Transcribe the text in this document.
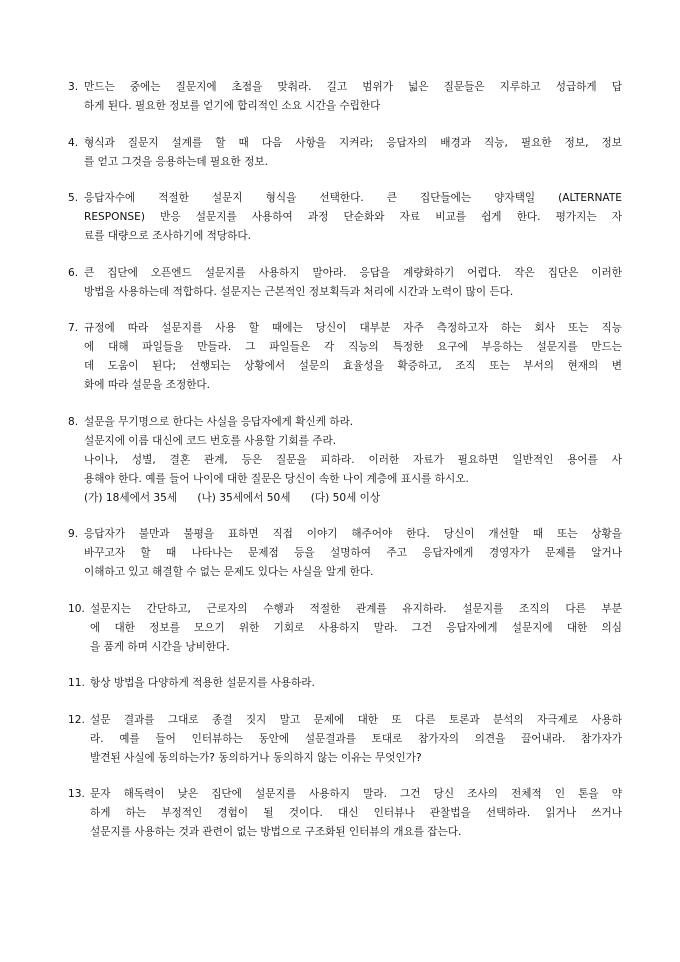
3. 만드는 중에는 질문지에 초점을 맞춰라. 길고 범위가 넓은 질문들은 지루하고 성급하게 답
하게 된다. 필요한 정보를 얻기에 합리적인 소요 시간을 수립한다
4. 형식과 질문지 설계를 할 때 다음 사항을 지켜라; 응답자의 배경과 직능, 필요한 정보, 정보
를 얻고 그것을 응용하는데 필요한 정보.
5. 응답자수에 적절한 설문지 형식을 선택한다. 큰 집단들에는 양자택일 (ALTERNATE
RESPONSE) 반응 설문지를 사용하여 과정 단순화와 자료 비교를 쉽게 한다. 평가지는 자
료를 대량으로 조사하기에 적당하다.
6. 큰 집단에 오픈엔드 설문지를 사용하지 말아라. 응답을 계량화하기 어렵다. 작은 집단은 이러한
방법을 사용하는데 적합하다. 설문지는 근본적인 정보획득과 처리에 시간과 노력이 많이 든다.
7. 규정에 따라 설문지를 사용 할 때에는 당신이 대부분 자주 측정하고자 하는 회사 또는 직능
에 대해 파일들을 만들라. 그 파일들은 각 직능의 특정한 요구에 부응하는 설문지를 만드는
데 도움이 된다; 선행되는 상황에서 설문의 효율성을 확증하고, 조직 또는 부서의 현재의 변
화에 따라 설문을 조정한다.
8. 설문을 무기명으로 한다는 사실을 응답자에게 확신케 하라.
설문지에 이름 대신에 코드 번호를 사용할 기회를 주라.
나이나, 성별, 결혼 관계, 등은 질문을 피하라. 이러한 자료가 필요하면 일반적인 용어를 사
용해야 한다. 예를 들어 나이에 대한 질문은 당신이 속한 나이 계층에 표시를 하시오.
(가) 18세에서 35세 (나) 35세에서 50세 (다) 50세 이상
9. 응답자가 불만과 불평을 표하면 직접 이야기 해주어야 한다. 당신이 개선할 때 또는 상황을
바꾸고자 할 때 나타나는 문제점 등을 설명하여 주고 응답자에게 경영자가 문제를 알거나
이해하고 있고 해결할 수 없는 문제도 있다는 사실을 알게 한다.
10. 설문지는 간단하고, 근로자의 수행과 적절한 관계를 유지하라. 설문지를 조직의 다른 부분
에 대한 정보를 모으기 위한 기회로 사용하지 말라. 그건 응답자에게 설문지에 대한 의심
을 품게 하며 시간을 낭비한다.
11. 항상 방법을 다양하게 적용한 설문지를 사용하라.
12. 설문 결과를 그대로 종결 짓지 말고 문제에 대한 또 다른 토론과 분석의 자극제로 사용하
라. 예를 들어 인터뷰하는 동안에 설문결과를 토대로 참가자의 의견을 끌어내라. 참가자가
발견된 사실에 동의하는가? 동의하거나 동의하지 않는 이유는 무엇인가?
13. 문자 해독력이 낮은 집단에 설문지를 사용하지 말라. 그건 당신 조사의 전체적 인 톤을 약
하게 하는 부정적인 경험이 될 것이다. 대신 인터뷰나 관찰법을 선택하라. 읽거나 쓰거나
설문지를 사용하는 것과 관련이 없는 방법으로 구조화된 인터뷰의 개요를 잡는다.
